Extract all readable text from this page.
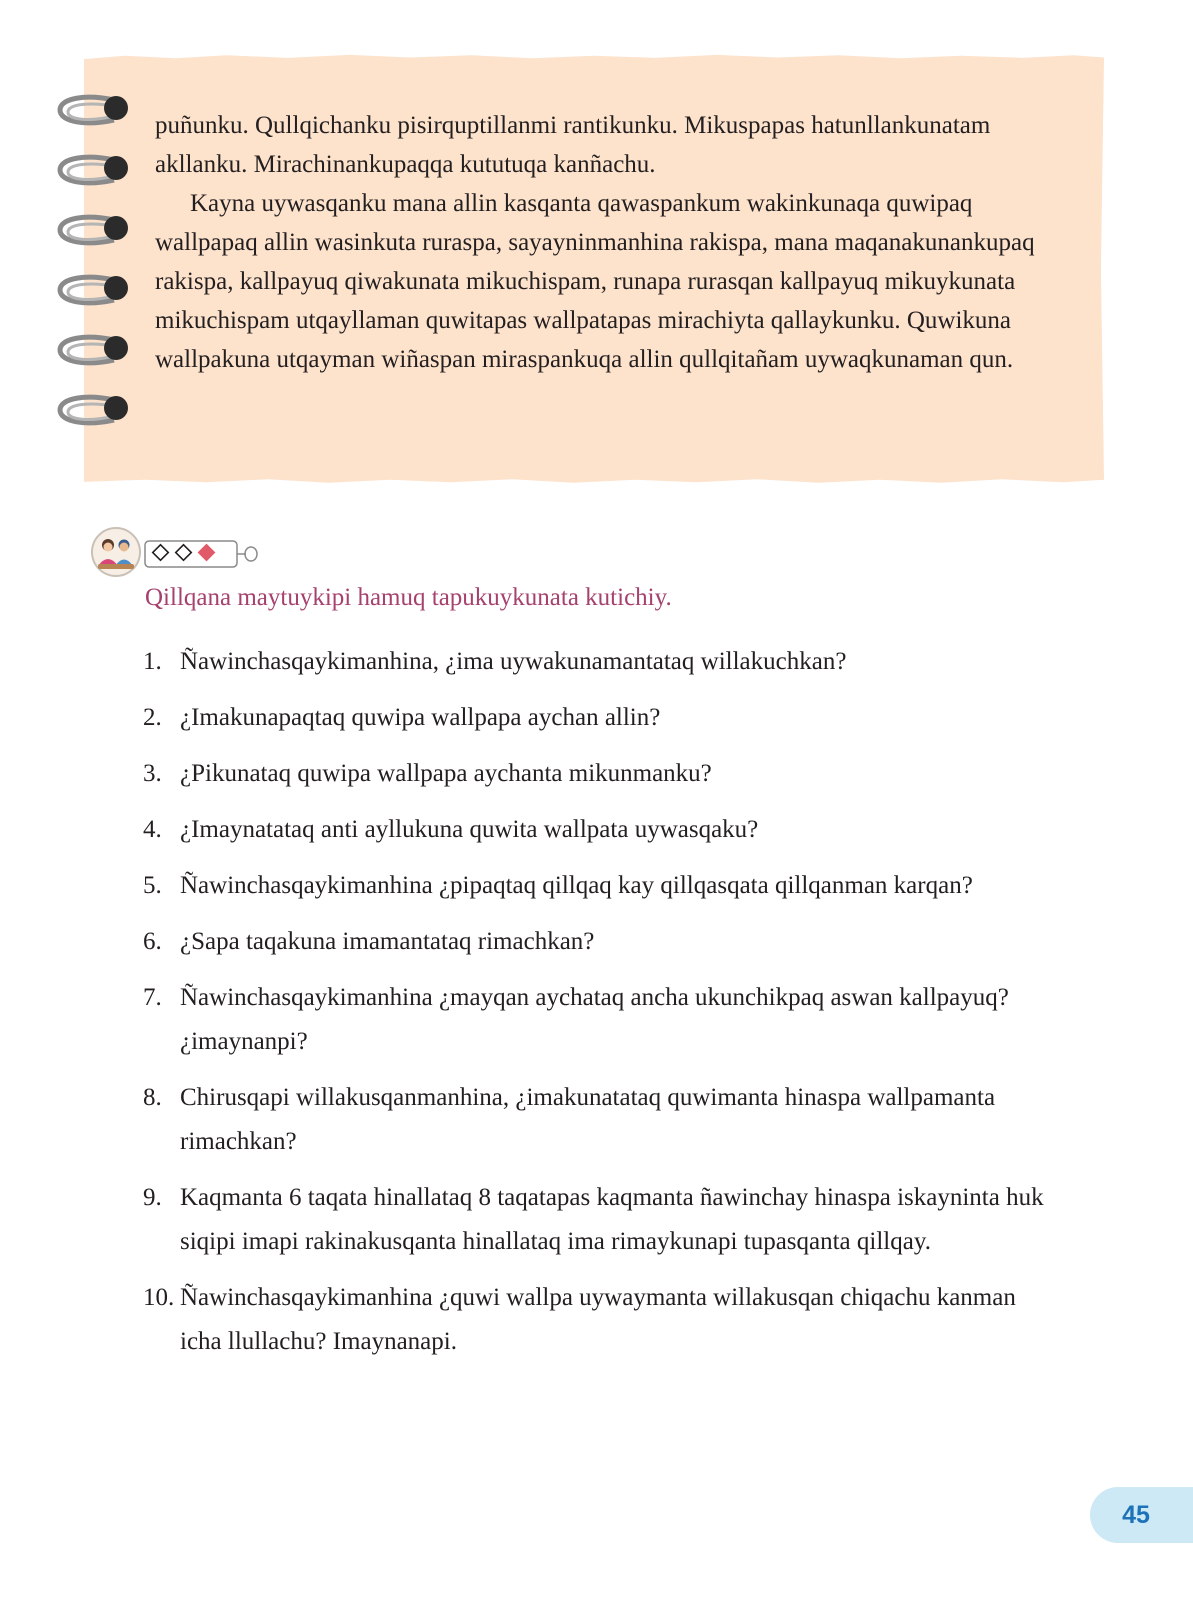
puñunku. Qullqichanku pisirquptillanmi rantikunku. Mikuspapas hatunllankunatam akllanku. Mirachinankupaqqa kututuqa kanñachu.

Kayna uywasqanku mana allin kasqanta qawaspankum wakinkunaqa quwipaq wallpapaq allin wasinkuta ruraspa, sayayninmanhina rakispa, mana maqanakunankupaq rakispa, kallpayuq qiwakunata mikuchispam, runapa rurasqan kallpayuq mikuykunata mikuchispam utqayllaman quwitapas wallpatapas mirachiyta qallaykunku. Quwikuna wallpakuna utqayman wiñaspan miraspankuqa allin qullqitañam uywaqkunaman qun.

Qillqana maytuykipi hamuq tapukuykunata kutichiy.

1. Ñawinchasqaykimanhina, ¿ima uywakunamantataq willakuchkan?
2. ¿Imakunapaqtaq quwipa wallpapa aychan allin?
3. ¿Pikunataq quwipa wallpapa aychanta mikunmanku?
4. ¿Imaynatataq anti ayllukuna quwita wallpata uywasqaku?
5. Ñawinchasqaykimanhina ¿pipaqtaq qillqaq kay qillqasqata qillqanman karqan?
6. ¿Sapa taqakuna imamantataq rimachkan?
7. Ñawinchasqaykimanhina ¿mayqan aychataq ancha ukunchikpaq aswan kallpayuq? ¿imaynanpi?
8. Chirusqapi willakusqanmanhina, ¿imakunatataq quwimanta hinaspa wallpamanta rimachkan?
9. Kaqmanta 6 taqata hinallataq 8 taqatapas kaqmanta ñawinchay hinaspa iskayninta huk siqipi imapi rakinakusqanta hinallataq ima rimaykunapi tupasqanta qillqay.
10. Ñawinchasqaykimanhina ¿quwi wallpa uywaymanta willakusqan chiqachu kanman icha llullachu? Imaynanapi.
45
